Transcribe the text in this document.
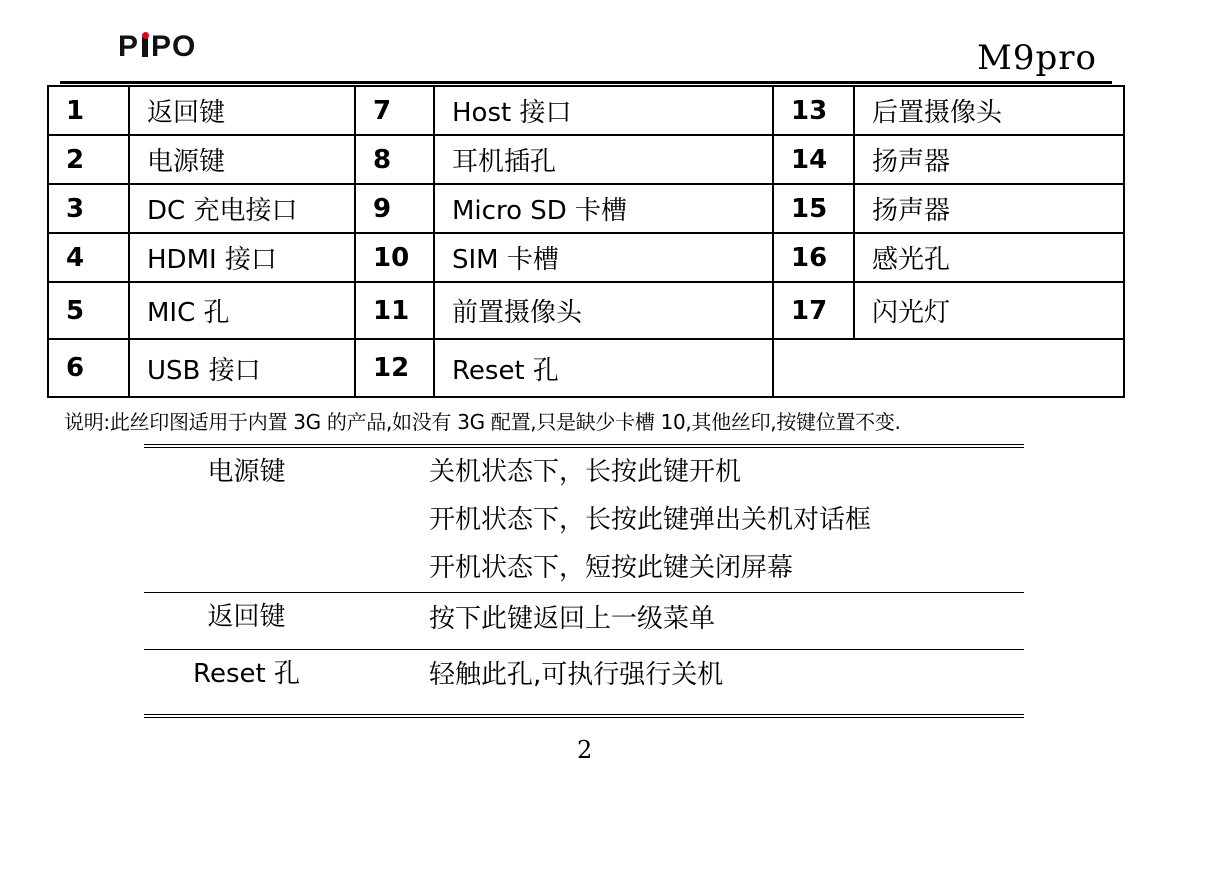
P PO	M9pro
1	返回键	7	Host 接口	13	后置摄像头
2	电源键	8	耳机插孔	14	扬声器
3	DC 充电接口	9	Micro SD 卡槽	15	扬声器
4	HDMI 接口	10	SIM 卡槽	16	感光孔
5	MIC 孔	11	前置摄像头	17	闪光灯
6	USB 接口	12	Reset 孔		
说明:此丝印图适用于内置 3G 的产品,如没有 3G 配置,只是缺少卡槽 10,其他丝印,按键位置不变.
电源键	关机状态下，长按此键开机
开机状态下，长按此键弹出关机对话框
开机状态下，短按此键关闭屏幕
返回键	按下此键返回上一级菜单
Reset 孔	轻触此孔,可执行强行关机
2
